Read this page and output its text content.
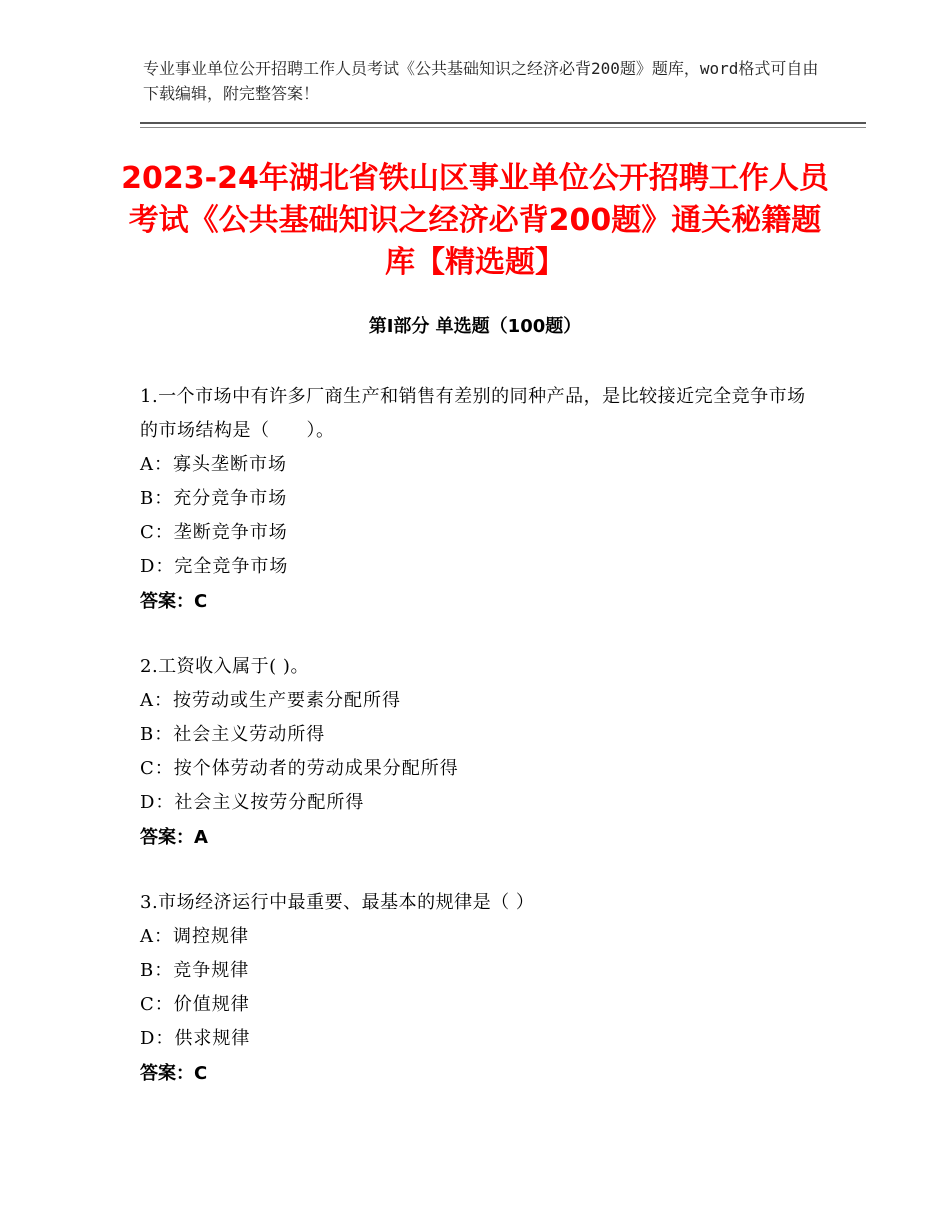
专业事业单位公开招聘工作人员考试《公共基础知识之经济必背200题》题库，word格式可自由下载编辑，附完整答案！
2023-24年湖北省铁山区事业单位公开招聘工作人员考试《公共基础知识之经济必背200题》通关秘籍题库【精选题】
第Ⅰ部分 单选题（100题）

1.一个市场中有许多厂商生产和销售有差别的同种产品，是比较接近完全竞争市场的市场结构是（　　）。

A：寡头垄断市场

B：充分竞争市场

C：垄断竞争市场

D：完全竞争市场

答案：C

2.工资收入属于( )。

A：按劳动或生产要素分配所得

B：社会主义劳动所得

C：按个体劳动者的劳动成果分配所得

D：社会主义按劳分配所得

答案：A

3.市场经济运行中最重要、最基本的规律是（ ）

A：调控规律

B：竞争规律

C：价值规律

D：供求规律

答案：C
